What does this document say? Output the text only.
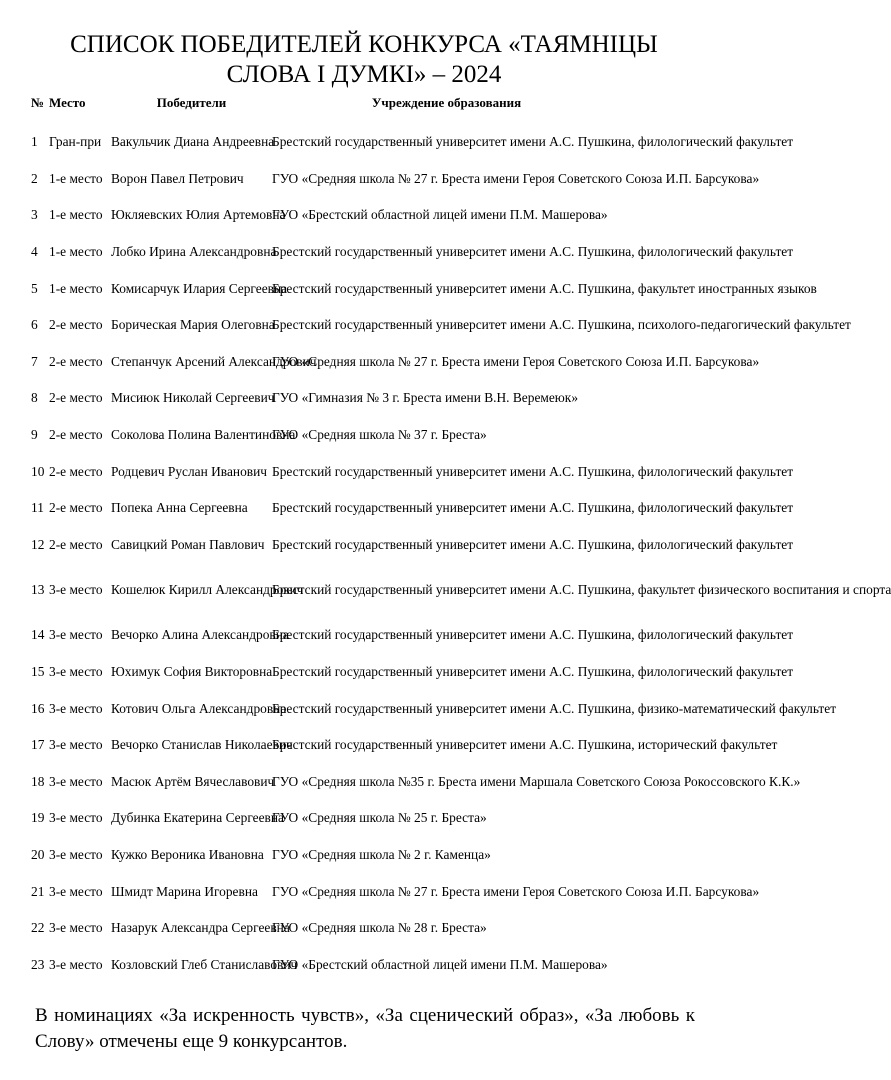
СПИСОК ПОБЕДИТЕЛЕЙ КОНКУРСА «ТАЯМНІЦЫ
СЛОВА І ДУМКІ» – 2024
№	Место	Победители	Учреждение образования

1	Гран-при	Вакульчик Диана Андреевна	Брестский государственный университет имени А.С. Пушкина, филологический факультет
2	1-е место	Ворон Павел Петрович	ГУО «Средняя школа № 27 г. Бреста имени Героя Советского Союза И.П. Барсукова»
3	1-е место	Юкляевских Юлия Артемовна	ГУО «Брестский областной лицей имени П.М. Машерова»
4	1-е место	Лобко Ирина Александровна	Брестский государственный университет имени А.С. Пушкина, филологический факультет
5	1-е место	Комисарчук Илария Сергеевна	Брестский государственный университет имени А.С. Пушкина, факультет иностранных языков
6	2-е место	Бoрическая Мария Олеговна	Брестский государственный университет имени А.С. Пушкина, психолого-педагогический факультет
7	2-е место	Степанчук Арсений Александрович	ГУО «Средняя школа № 27 г. Бреста имени Героя Советского Союза И.П. Барсукова»
8	2-е место	Мисиюк Николай Сергеевич	ГУО «Гимназия № 3 г. Бреста имени В.Н. Веремеюк»
9	2-е место	Соколова Полина Валентиновна	ГУО «Средняя школа № 37 г. Бреста»
10	2-е место	Родцевич Руслан Иванович	Брестский государственный университет имени А.С. Пушкина, филологический факультет
11	2-е место	Попека Анна Сергеевна	Брестский государственный университет имени А.С. Пушкина, филологический факультет
12	2-е место	Савицкий Роман Павлович	Брестский государственный университет имени А.С. Пушкина, филологический факультет
13	3-е место	Кошелюк Кирилл Александрович	Брестский государственный университет имени А.С. Пушкина, факультет физического воспитания и спорта
14	3-е место	Вечорко Алина Александровна	Брестский государственный университет имени А.С. Пушкина, филологический факультет
15	3-е место	Юхимук София Викторовна	Брестский государственный университет имени А.С. Пушкина, филологический факультет
16	3-е место	Котович Ольга Александровна	Брестский государственный университет имени А.С. Пушкина, физико-математический факультет
17	3-е место	Вечорко Станислав Николаевич	Брестский государственный университет имени А.С. Пушкина, исторический факультет
18	3-е место	Масюк Артём Вячеславович	ГУО «Средняя школа №35 г. Бреста имени Маршала Советского Союза Рокоссовского К.К.»
19	3-е место	Дубинка Екатерина Сергеевна	ГУО «Средняя школа № 25 г. Бреста»
20	3-е место	Кужко Вероника Ивановна	ГУО «Средняя школа № 2 г. Каменца»
21	3-е место	Шмидт Марина Игоревна	ГУО «Средняя школа № 27 г. Бреста имени Героя Советского Союза И.П. Барсукова»
22	3-е место	Назарук Александра Сергеевна	ГУО «Средняя школа № 28 г. Бреста»
23	3-е место	Козловский Глеб Станиславович	ГУО «Брестский областной лицей имени П.М. Машерова»

В номинациях «За искренность чувств», «За сценический образ», «За любовь к Слову» отмечены еще 9 конкурсантов.
